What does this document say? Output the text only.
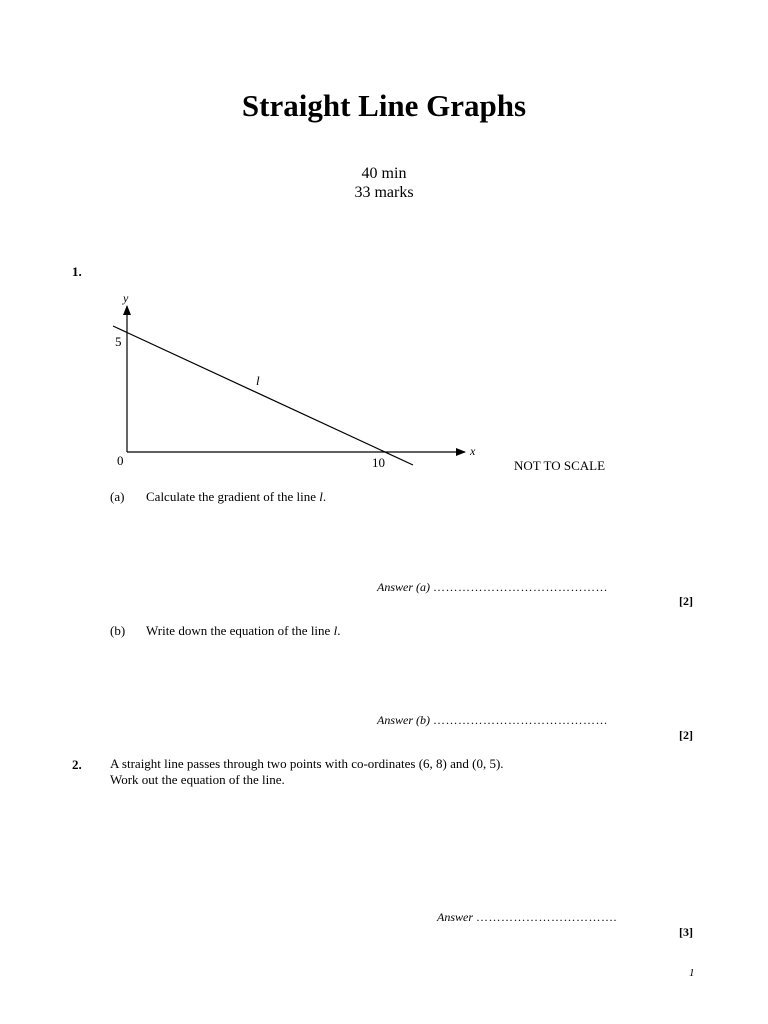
Straight Line Graphs
40 min
33 marks
1.
y
x
5
0	10
l
NOT TO SCALE
(a) Calculate the gradient of the line l.
Answer (a) ……………………………………
[2]
(b) Write down the equation of the line l.
Answer (b) ……………………………………
[2]
2. A straight line passes through two points with co-ordinates (6, 8) and (0, 5).
Work out the equation of the line.
Answer …………………………….
[3]
1
